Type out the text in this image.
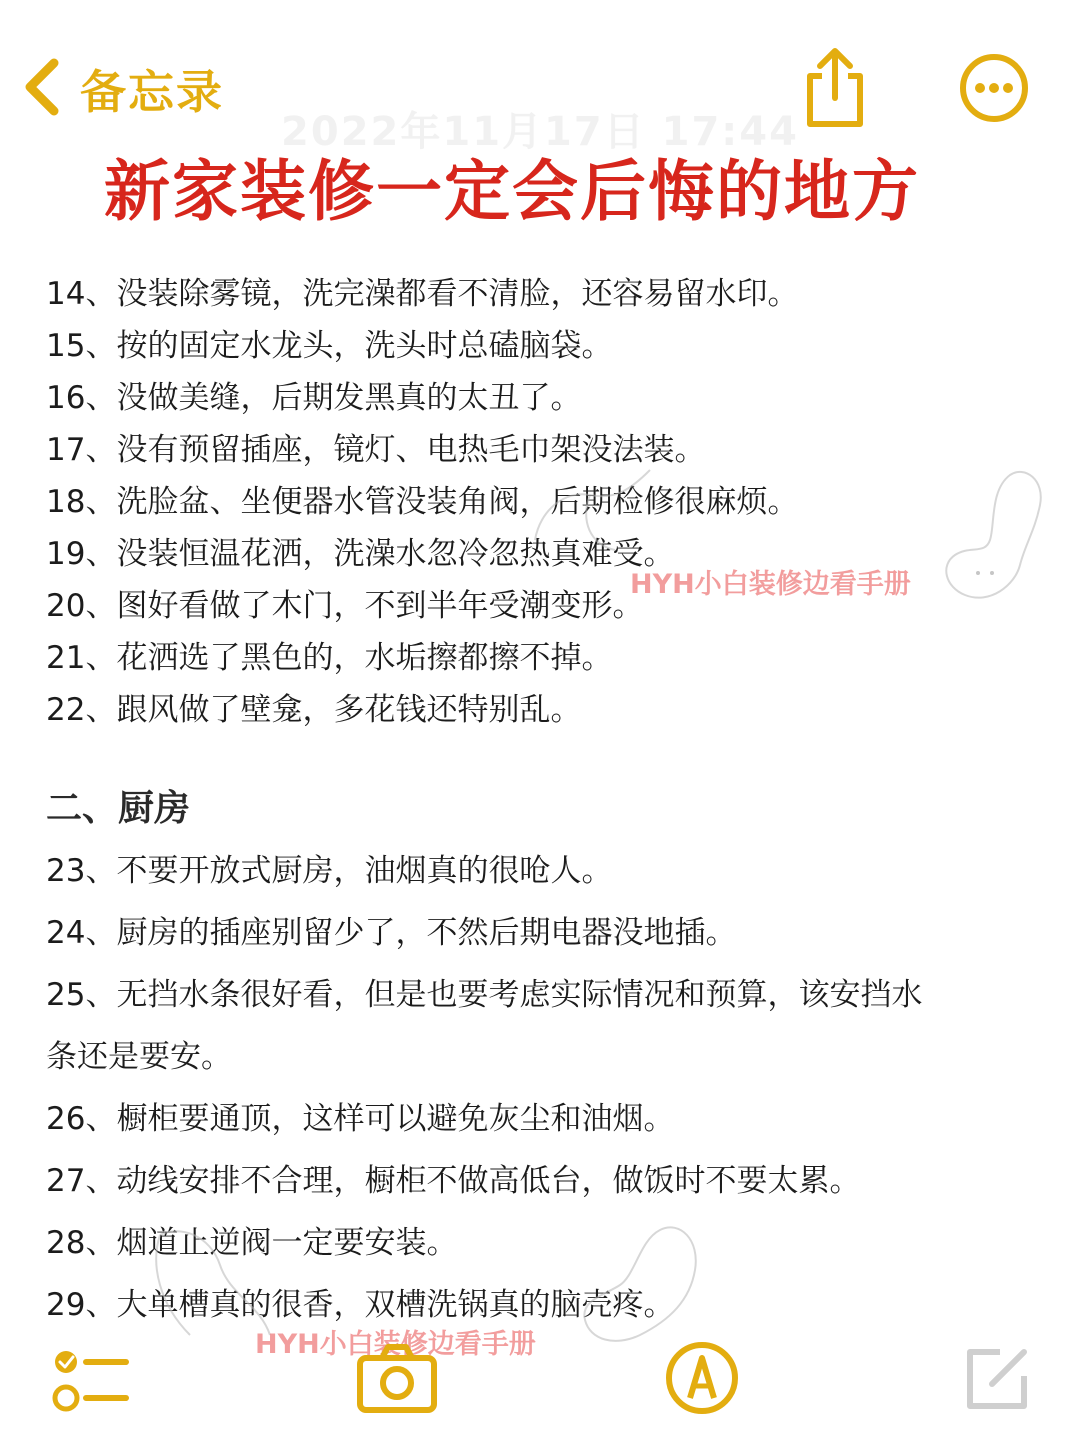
备忘录
2022年11月17日 17:44
新家装修一定会后悔的地方
14、没装除雾镜，洗完澡都看不清脸，还容易留水印。
15、按的固定水龙头，洗头时总磕脑袋。
16、没做美缝，后期发黑真的太丑了。
17、没有预留插座，镜灯、电热毛巾架没法装。
18、洗脸盆、坐便器水管没装角阀，后期检修很麻烦。
19、没装恒温花洒，洗澡水忽冷忽热真难受。
20、图好看做了木门，不到半年受潮变形。
21、花洒选了黑色的，水垢擦都擦不掉。
22、跟风做了壁龛，多花钱还特别乱。
二、厨房
23、不要开放式厨房，油烟真的很呛人。
24、厨房的插座别留少了，不然后期电器没地插。
25、无挡水条很好看，但是也要考虑实际情况和预算，该安挡水条还是要安。
26、橱柜要通顶，这样可以避免灰尘和油烟。
27、动线安排不合理，橱柜不做高低台，做饭时不要太累。
28、烟道止逆阀一定要安装。
29、大单槽真的很香，双槽洗锅真的脑壳疼。
HYH小白装修边看手册
HYH小白装修边看手册
